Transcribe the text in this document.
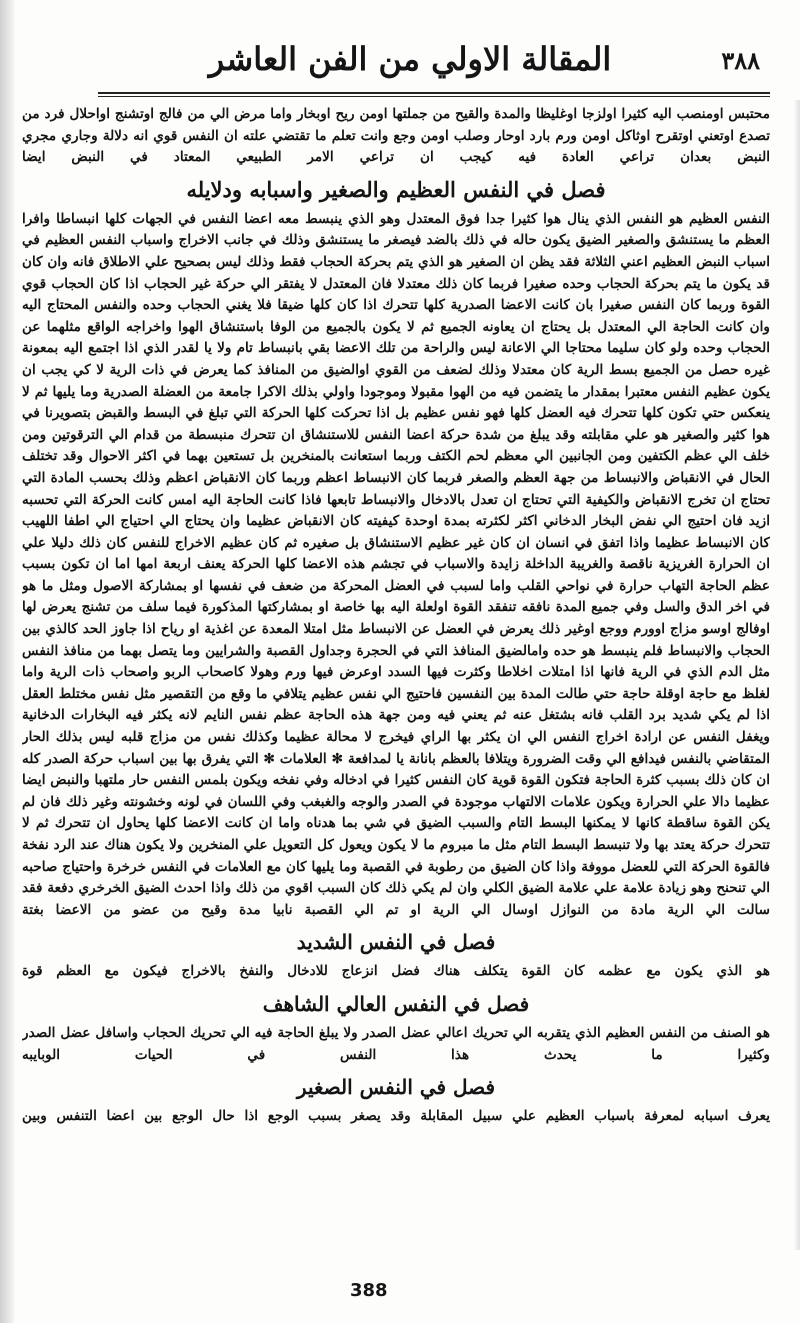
المقالة الاولي من الفن العاشر	٣٨٨

محتبس اومنصب اليه كثيرا اولزجا اوغليظا والمدة والقيح من جملتها اومن ريح اوبخار واما مرض الي من فالج اوتشنج اواحلال فرد من تصدع اوتعني اوتقرح اوثاكل اومن ورم بارد اوحار وصلب اومن وجع وانت تعلم ما تقتضي علته ان النفس قوي انه دلالة وجاري مجري النبض بعدان تراعي العادة فيه كيجب ان تراعي الامر الطبيعي المعتاد في النبض ايضا

فصل في النفس العظيم والصغير واسبابه ودلايله

النفس العظيم هو النفس الذي ينال هوا كثيرا جدا فوق المعتدل وهو الذي ينبسط معه اعضا النفس في الجهات كلها انبساطا وافرا العظم ما يستنشق والصغير الضيق يكون حاله في ذلك بالضد فيصغر ما يستنشق وذلك في جانب الاخراج واسباب النفس العظيم في اسباب النبض العظيم اعني الثلاثة فقد يظن ان الصغير هو الذي يتم بحركة الحجاب فقط وذلك ليس بصحيح علي الاطلاق فانه وان كان قد يكون ما يتم بحركة الحجاب وحده صغيرا فربما كان ذلك معتدلا فان المعتدل لا يفتقر الي حركة غير الحجاب اذا كان الحجاب قوي القوة وربما كان النفس صغيرا بان كانت الاعضا الصدرية كلها تتحرك اذا كان كلها ضيقا فلا يغني الحجاب وحده والنفس المحتاج اليه وان كانت الحاجة الي المعتدل بل يحتاج ان يعاونه الجميع ثم لا يكون بالجميع من الوفا باستنشاق الهوا واخراجه الواقع مثلهما عن الحجاب وحده ولو كان سليما محتاجا الي الاعانة ليس والراحة من تلك الاعضا بقي بانبساط تام ولا يا لقدر الذي اذا اجتمع اليه بمعونة غيره حصل من الجميع بسط الرية كان معتدلا وذلك لضعف من القوي اوالضيق من المنافذ كما يعرض في ذات الرية لا كي يجب ان يكون عظيم النفس معتبرا بمقدار ما يتضمن فيه من الهوا مقبولا وموجودا واولي بذلك الاكرا جامعة من العضلة الصدرية وما يليها ثم لا ينعكس حتي تكون كلها تتحرك فيه العضل كلها فهو نفس عظيم بل اذا تحركت كلها الحركة التي تبلغ في البسط والقبض بتصويرنا في هوا كثير والصغير هو علي مقابلته وقد يبلغ من شدة حركة اعضا النفس للاستنشاق ان تتحرك منبسطة من قدام الي الترقوتين ومن خلف الي عظم الكتفين ومن الجانبين الي معظم لحم الكتف وربما استعانت بالمنخرين بل تستعين بهما في اكثر الاحوال وقد تختلف الحال في الانقباض والانبساط من جهة العظم والصغر فربما كان الانبساط اعظم وربما كان الانقباض اعظم وذلك بحسب المادة التي تحتاج ان تخرج الانقباض والكيفية التي تحتاج ان تعدل بالادخال والانبساط تابعها فاذا كانت الحاجة اليه امس كانت الحركة التي تحسبه ازيد فان احتيج الي نفض البخار الدخاني اكثر لكثرته بمدة اوحدة كيفيته كان الانقباض عظيما وان يحتاج الي احتياج الي اطفا اللهيب كان الانبساط عظيما واذا اتفق في انسان ان كان غير عظيم الاستنشاق بل صغيره ثم كان عظيم الاخراج للنفس كان ذلك دليلا علي ان الحرارة الغريزية ناقصة والغريبة الداخلة زايدة والاسباب في تجشم هذه الاعضا كلها الحركة يعنف اربعة امها اما ان تكون بسبب عظم الحاجة التهاب حرارة في نواحي القلب واما لسبب في العضل المحركة من ضعف في نفسها او بمشاركة الاصول ومثل ما هو في اخر الدق والسل وفي جميع المدة نافقه تنفقد القوة اولعلة اليه بها خاصة او بمشاركتها المذكورة فيما سلف من تشنج يعرض لها اوفالج اوسو مزاج اوورم ووجع اوغير ذلك يعرض في العضل عن الانبساط مثل امتلا المعدة عن اغذية او رياح اذا جاوز الحد كالذي بين الحجاب والانبساط فلم ينبسط هو حده وامالضيق المنافذ التي في الحجرة وجداول القصبة والشرايين وما يتصل بهما من منافذ النفس مثل الدم الذي في الرية فانها اذا امتلات اخلاطا وكثرت فيها السدد اوعرض فيها ورم وهولا كاصحاب الربو واصحاب ذات الرية واما لغلظ مع حاجة اوقلة حاجة حتي طالت المدة بين النفسين فاحتيج الي نفس عظيم يتلافي ما وقع من التقصير مثل نفس مختلط العقل اذا لم يكي شديد برد القلب فانه بشتغل عنه ثم يعني فيه ومن جهة هذه الحاجة عظم نفس النايم لانه يكثر فيه البخارات الدخانية ويغفل النفس عن ارادة اخراج النفس الي ان يكثر بها الراي فيخرج لا محالة عظيما وكذلك نفس من مزاج قلبه ليس بذلك الحار المتقاضي بالنفس فيدافع الي وقت الضرورة ويتلافا بالعظم بانانة يا لمدافعة ✻ العلامات ✻ التي يفرق بها بين اسباب حركة الصدر كله ان كان ذلك بسبب كثرة الحاجة فتكون القوة قوية كان النفس كثيرا في ادخاله وفي نفخه ويكون بلمس النفس حار ملتهبا والنبض ايضا عظيما دالا علي الحرارة ويكون علامات الالتهاب موجودة في الصدر والوجه والغبغب وفي اللسان في لونه وخشونته وغير ذلك فان لم يكن القوة ساقطة كانها لا يمكنها البسط التام والسبب الضيق في شي بما هدناه واما ان كانت الاعضا كلها يحاول ان تتحرك ثم لا تتحرك حركة يعتد بها ولا تنبسط البسط التام مثل ما مبروم ما لا يكون ويعول كل التعويل علي المنخرين ولا يكون هناك عند الرد نفخة فالقوة الحركة التي للعضل مووفة واذا كان الضيق من رطوبة في القصبة وما يليها كان مع العلامات في النفس خرخرة واحتياج صاحبه الي تنحنح وهو زيادة علامة علي علامة الضيق الكلي وان لم يكي ذلك كان السبب اقوي من ذلك واذا احدث الضيق الخرخري دفعة فقد سالت الي الرية مادة من النوازل اوسال الي الرية او تم الي القصبة نابيا مدة وقيح من عضو من الاعضا بغتة

فصل في النفس الشديد

هو الذي يكون مع عظمه كان القوة يتكلف هناك فضل انزعاج للادخال والنفخ بالاخراج فيكون مع العظم قوة

فصل في النفس العالي الشاهف

هو الصنف من النفس العظيم الذي يتقربه الي تحريك اعالي عضل الصدر ولا يبلغ الحاجة فيه الي تحريك الحجاب واسافل عضل الصدر وكثيرا ما يحدث هذا النفس في الحيات الوبايبه

فصل في النفس الصغير

يعرف اسبابه لمعرفة باسباب العظيم علي سبيل المقابلة وقد يصغر بسبب الوجع اذا حال الوجع بين اعضا التنفس وبين

388
